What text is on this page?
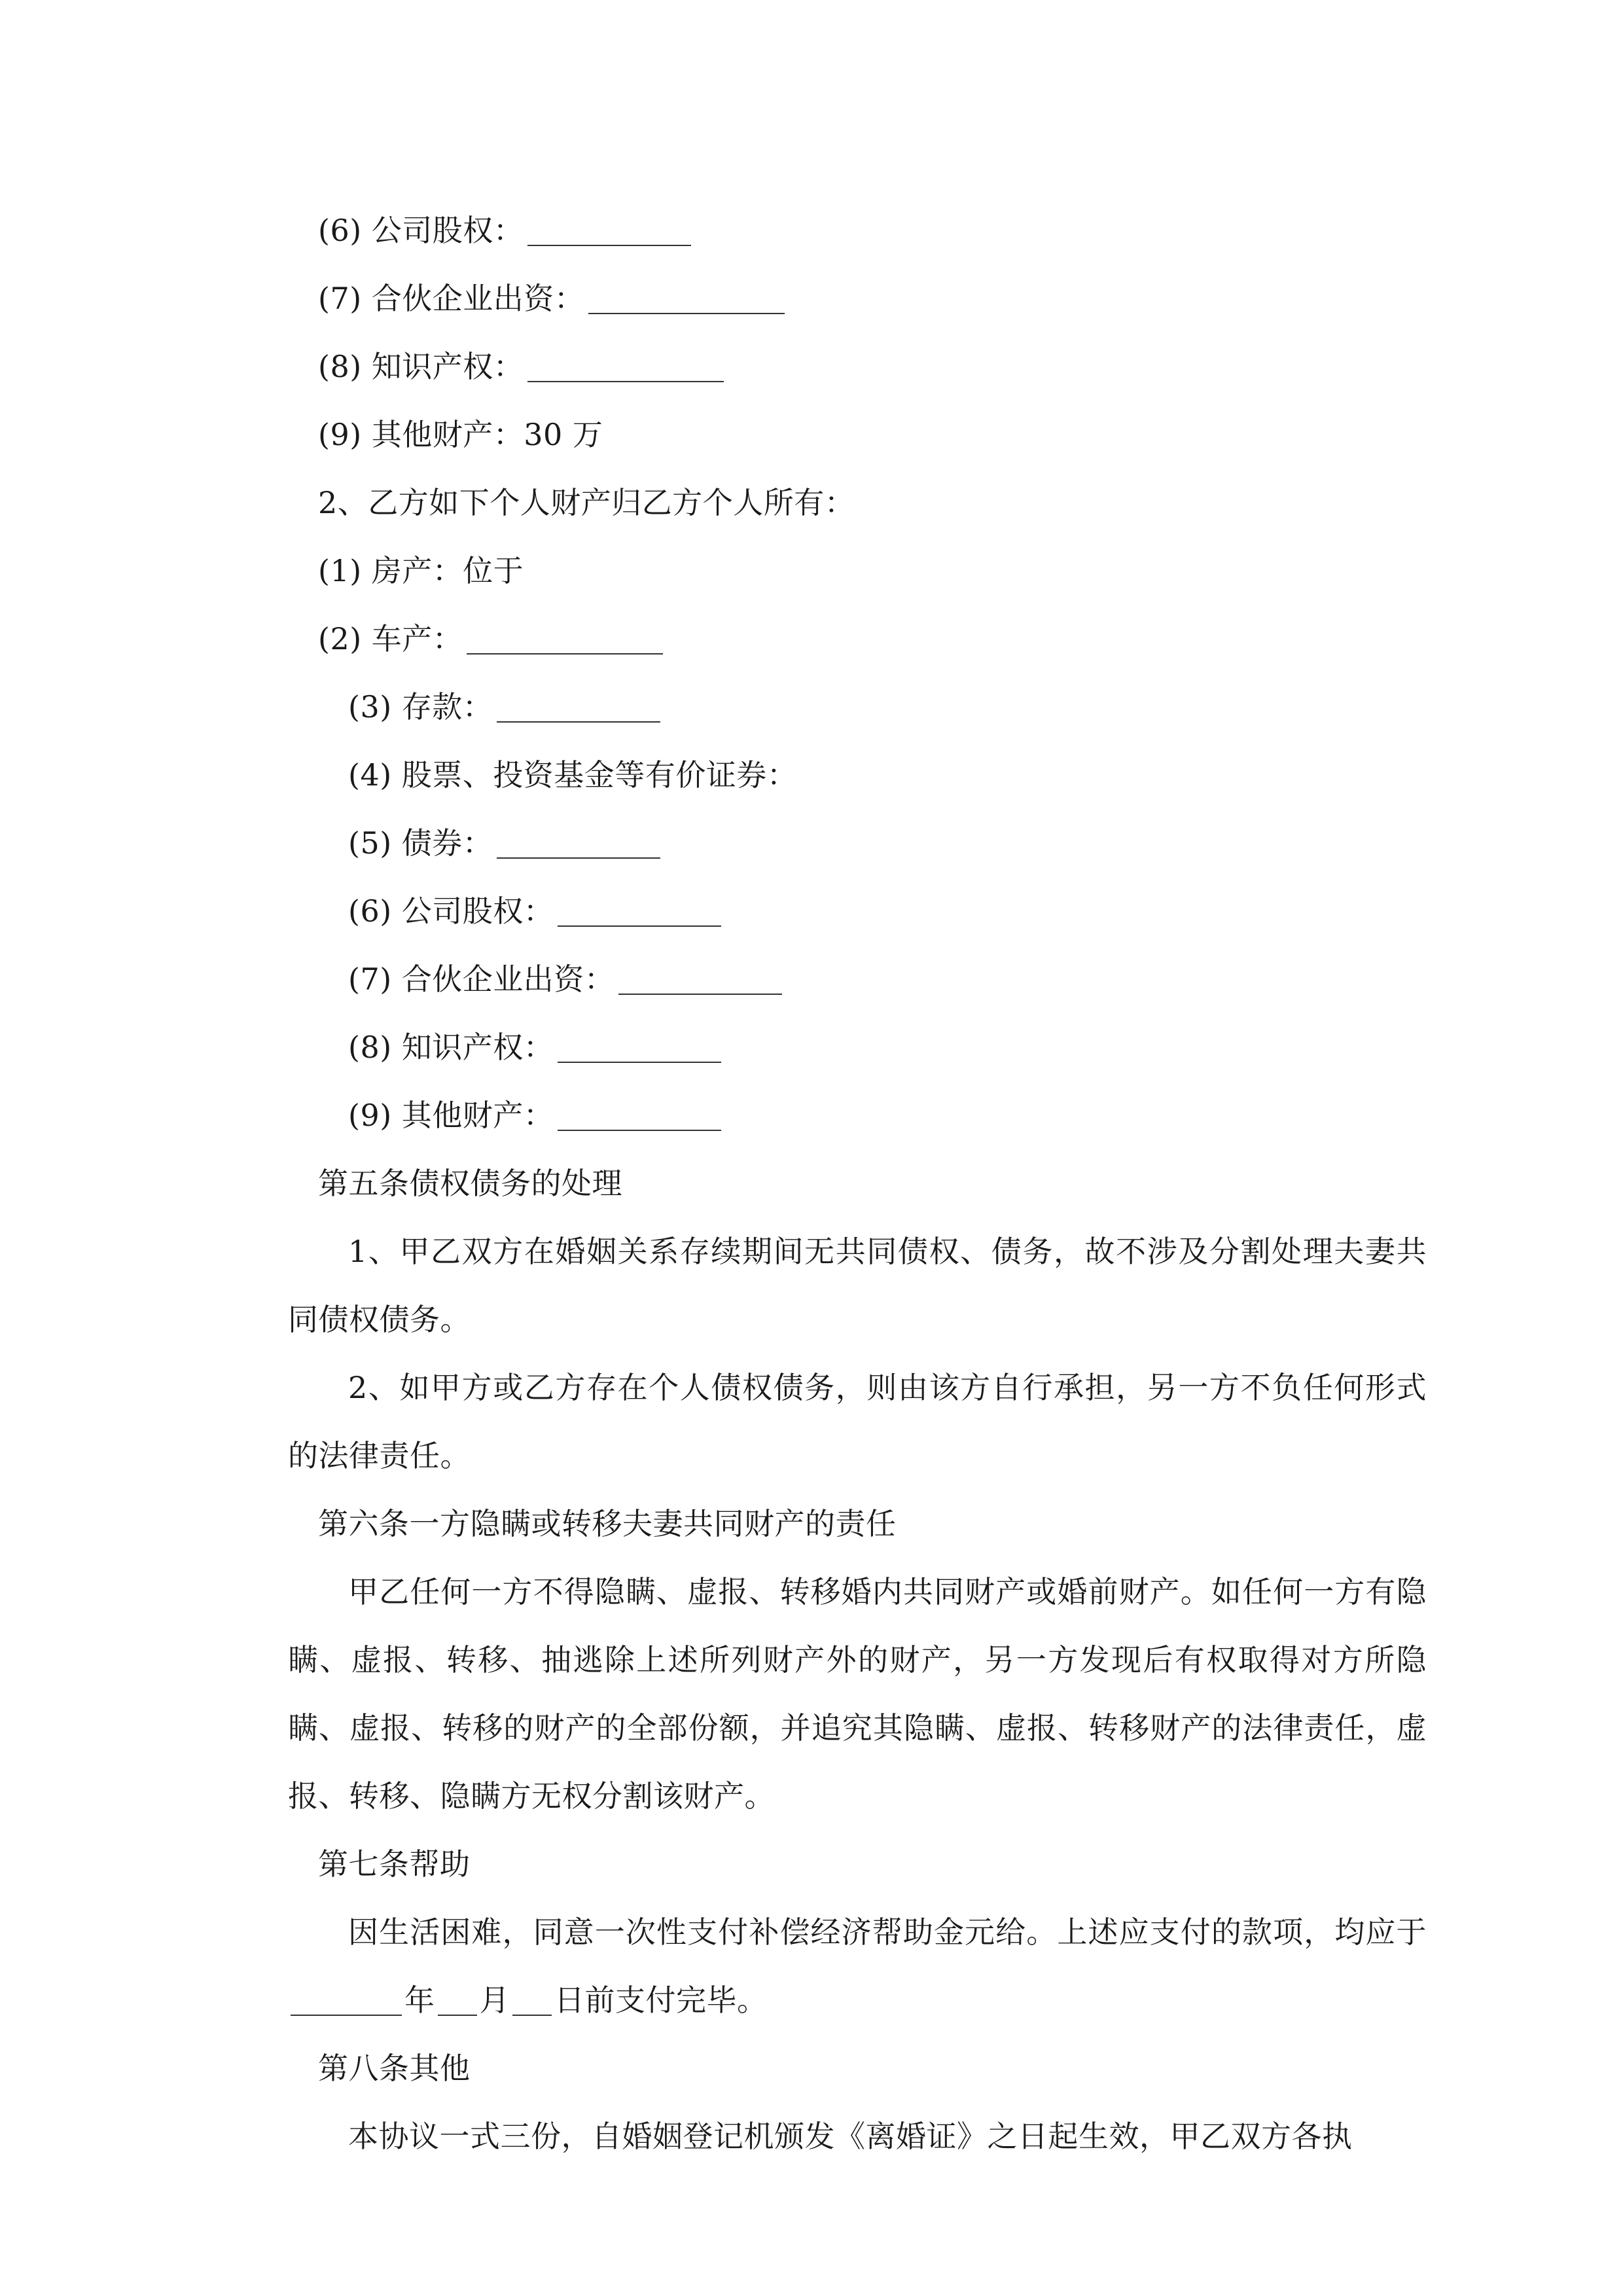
(6) 公司股权：

(7) 合伙企业出资：

(8) 知识产权：

(9) 其他财产：30 万

2、乙方如下个人财产归乙方个人所有：

(1) 房产：位于

(2) 车产：

(3) 存款：

(4) 股票、投资基金等有价证券：

(5) 债券：

(6) 公司股权：

(7) 合伙企业出资：

(8) 知识产权：

(9) 其他财产：

第五条债权债务的处理

1、甲乙双方在婚姻关系存续期间无共同债权、债务，故不涉及分割处理夫妻共同债权债务。

2、如甲方或乙方存在个人债权债务，则由该方自行承担，另一方不负任何形式的法律责任。

第六条一方隐瞒或转移夫妻共同财产的责任

甲乙任何一方不得隐瞒、虚报、转移婚内共同财产或婚前财产。如任何一方有隐瞒、虚报、转移、抽逃除上述所列财产外的财产，另一方发现后有权取得对方所隐瞒、虚报、转移的财产的全部份额，并追究其隐瞒、虚报、转移财产的法律责任，虚报、转移、隐瞒方无权分割该财产。

第七条帮助

因生活困难，同意一次性支付补偿经济帮助金元给。上述应支付的款项，均应于年 月 日前支付完毕。

第八条其他

本协议一式三份，自婚姻登记机颁发《离婚证》之日起生效，甲乙双方各执
